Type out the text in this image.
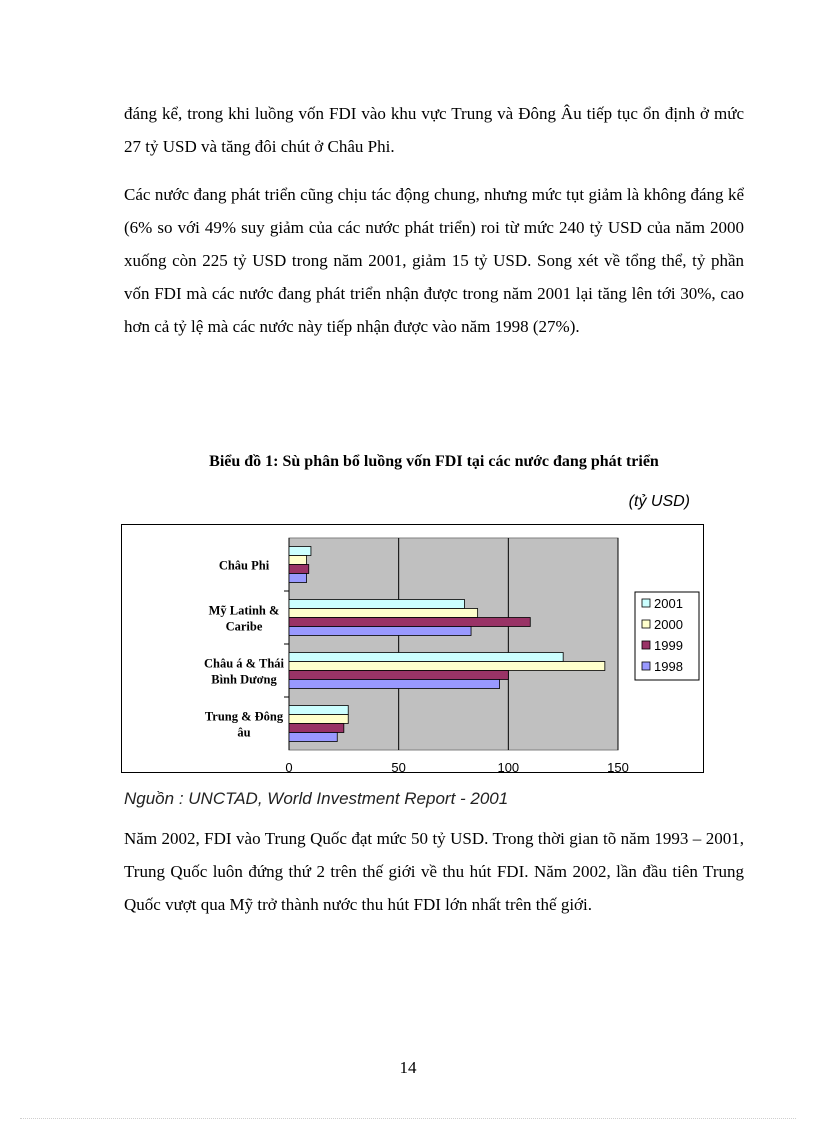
đáng kể, trong khi luồng vốn FDI vào khu vực Trung và Đông Âu tiếp tục ổn định ở mức 27 tỷ USD và tăng đôi chút ở Châu Phi.

Các nước đang phát triển cũng chịu tác động chung, nhưng mức tụt giảm là không đáng kể (6% so với 49% suy giảm của các nước phát triển) roi từ mức 240 tỷ USD của năm 2000 xuống còn 225 tỷ USD trong năm 2001, giảm 15 tỷ USD. Song xét về tổng thể, tỷ phần vốn FDI mà các nước đang phát triển nhận được trong năm 2001 lại tăng lên tới 30%, cao hơn cả tỷ lệ mà các nước này tiếp nhận được vào năm 1998 (27%).

Biểu đồ 1: Sù phân bổ luồng vốn FDI tại các nước đang phát triển
(tỷ USD)
0	50	100	150
Châu Phi
Mỹ Latinh &
Caribe
Châu á & Thái
Bình Dương
Trung & Đông
âu
2001
2000
1999
1998
Nguồn : UNCTAD, World Investment Report - 2001

Năm 2002, FDI vào Trung Quốc đạt mức 50 tỷ USD. Trong thời gian tõ năm 1993 – 2001, Trung Quốc luôn đứng thứ 2 trên thế giới về thu hút FDI. Năm 2002, lần đầu tiên Trung Quốc vượt qua Mỹ trở thành nước thu hút FDI lớn nhất trên thế giới.

14
